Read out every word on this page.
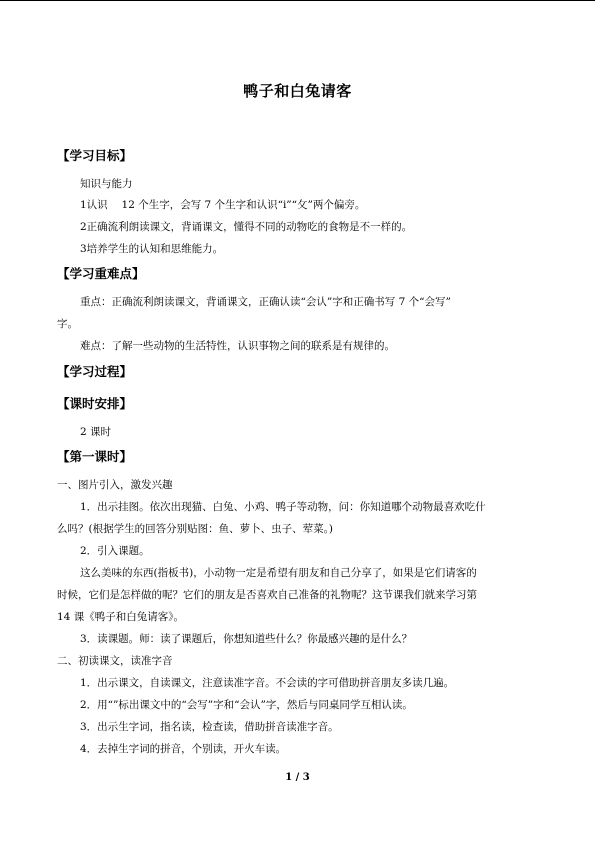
鸭子和白兔请客
【学习目标】
知识与能力
1认识　 12 个生字，会写 7 个生字和认识“ⅰ”“攵”两个偏旁。
2正确流利朗读课文，背诵课文，懂得不同的动物吃的食物是不一样的。
3培养学生的认知和思维能力。
【学习重难点】
重点：正确流利朗读课文，背诵课文，正确认读“会认”字和正确书写 7 个“会写”
字。
难点：了解一些动物的生活特性，认识事物之间的联系是有规律的。
【学习过程】
【课时安排】
2 课时
【第一课时】
一、图片引入，激发兴趣
1．出示挂图。依次出现猫、白兔、小鸡、鸭子等动物，问：你知道哪个动物最喜欢吃什
么吗？(根据学生的回答分别贴图：鱼、萝卜、虫子、荤菜。)
2．引入课题。
这么美味的东西(指板书)，小动物一定是希望有朋友和自己分享了，如果是它们请客的
时候，它们是怎样做的呢？它们的朋友是否喜欢自己准备的礼物呢？这节课我们就来学习第
14 课《鸭子和白兔请客》。
3．读课题。师：读了课题后，你想知道些什么？你最感兴趣的是什么？
二、初读课文，读准字音
1．出示课文，自读课文，注意读准字音。不会读的字可借助拼音朋友多读几遍。
2．用“”标出课文中的“会写”字和“会认”字，然后与同桌同学互相认读。
3．出示生字词，指名读，检查读，借助拼音读准字音。
4．去掉生字词的拼音，个别读，开火车读。
1 / 3
